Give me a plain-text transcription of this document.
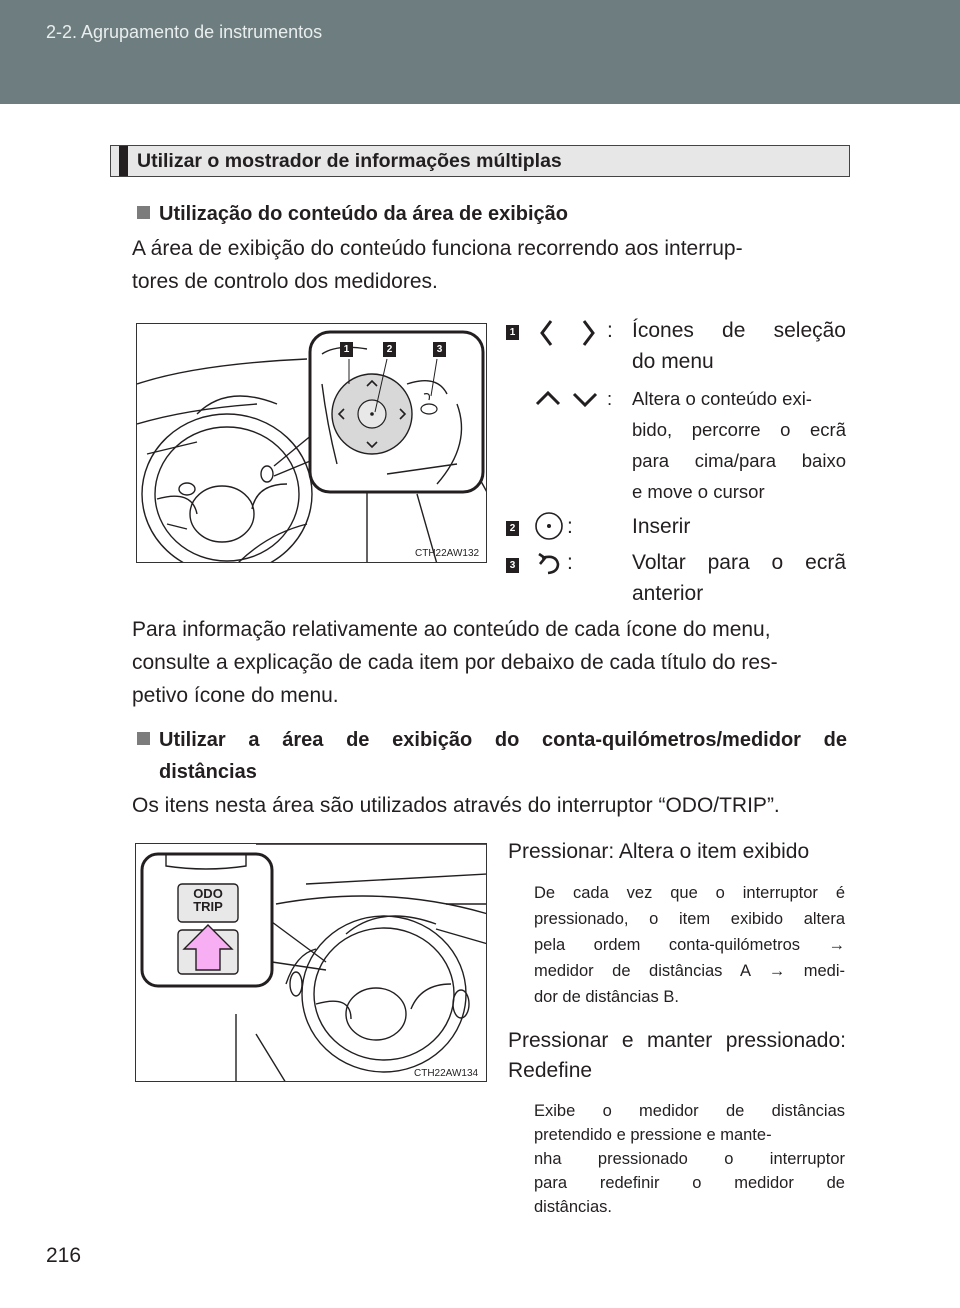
2-2. Agrupamento de instrumentos
Utilizar o mostrador de informações múltiplas
Utilização do conteúdo da área de exibição
A área de exibição do conteúdo funciona recorrendo aos interrup-
tores de controlo dos medidores.
1	2	3
CTH22AW132
1	: Ícones de seleção
do menu
: Altera o conteúdo exi-
bido, percorre o ecrã
para cima/para baixo
e move o cursor
2 :	Inserir
3 :	Voltar para o ecrã
anterior
Para informação relativamente ao conteúdo de cada ícone do menu,
consulte a explicação de cada item por debaixo de cada título do res-
petivo ícone do menu.
Utilizar a área de exibição do conta-quilómetros/medidor de
distâncias
Os itens nesta área são utilizados através do interruptor “ODO/TRIP”.
ODO
TRIP
CTH22AW134
Pressionar: Altera o item exibido
De cada vez que o interruptor é
pressionado, o item exibido altera
pela ordem conta-quilómetros →
medidor de distâncias A → medi-
dor de distâncias B.
Pressionar e manter pressionado:
Redefine
Exibe o medidor de distâncias
pretendido e pressione e mante-
nha pressionado o interruptor
para redefinir o medidor de
distâncias.
216
